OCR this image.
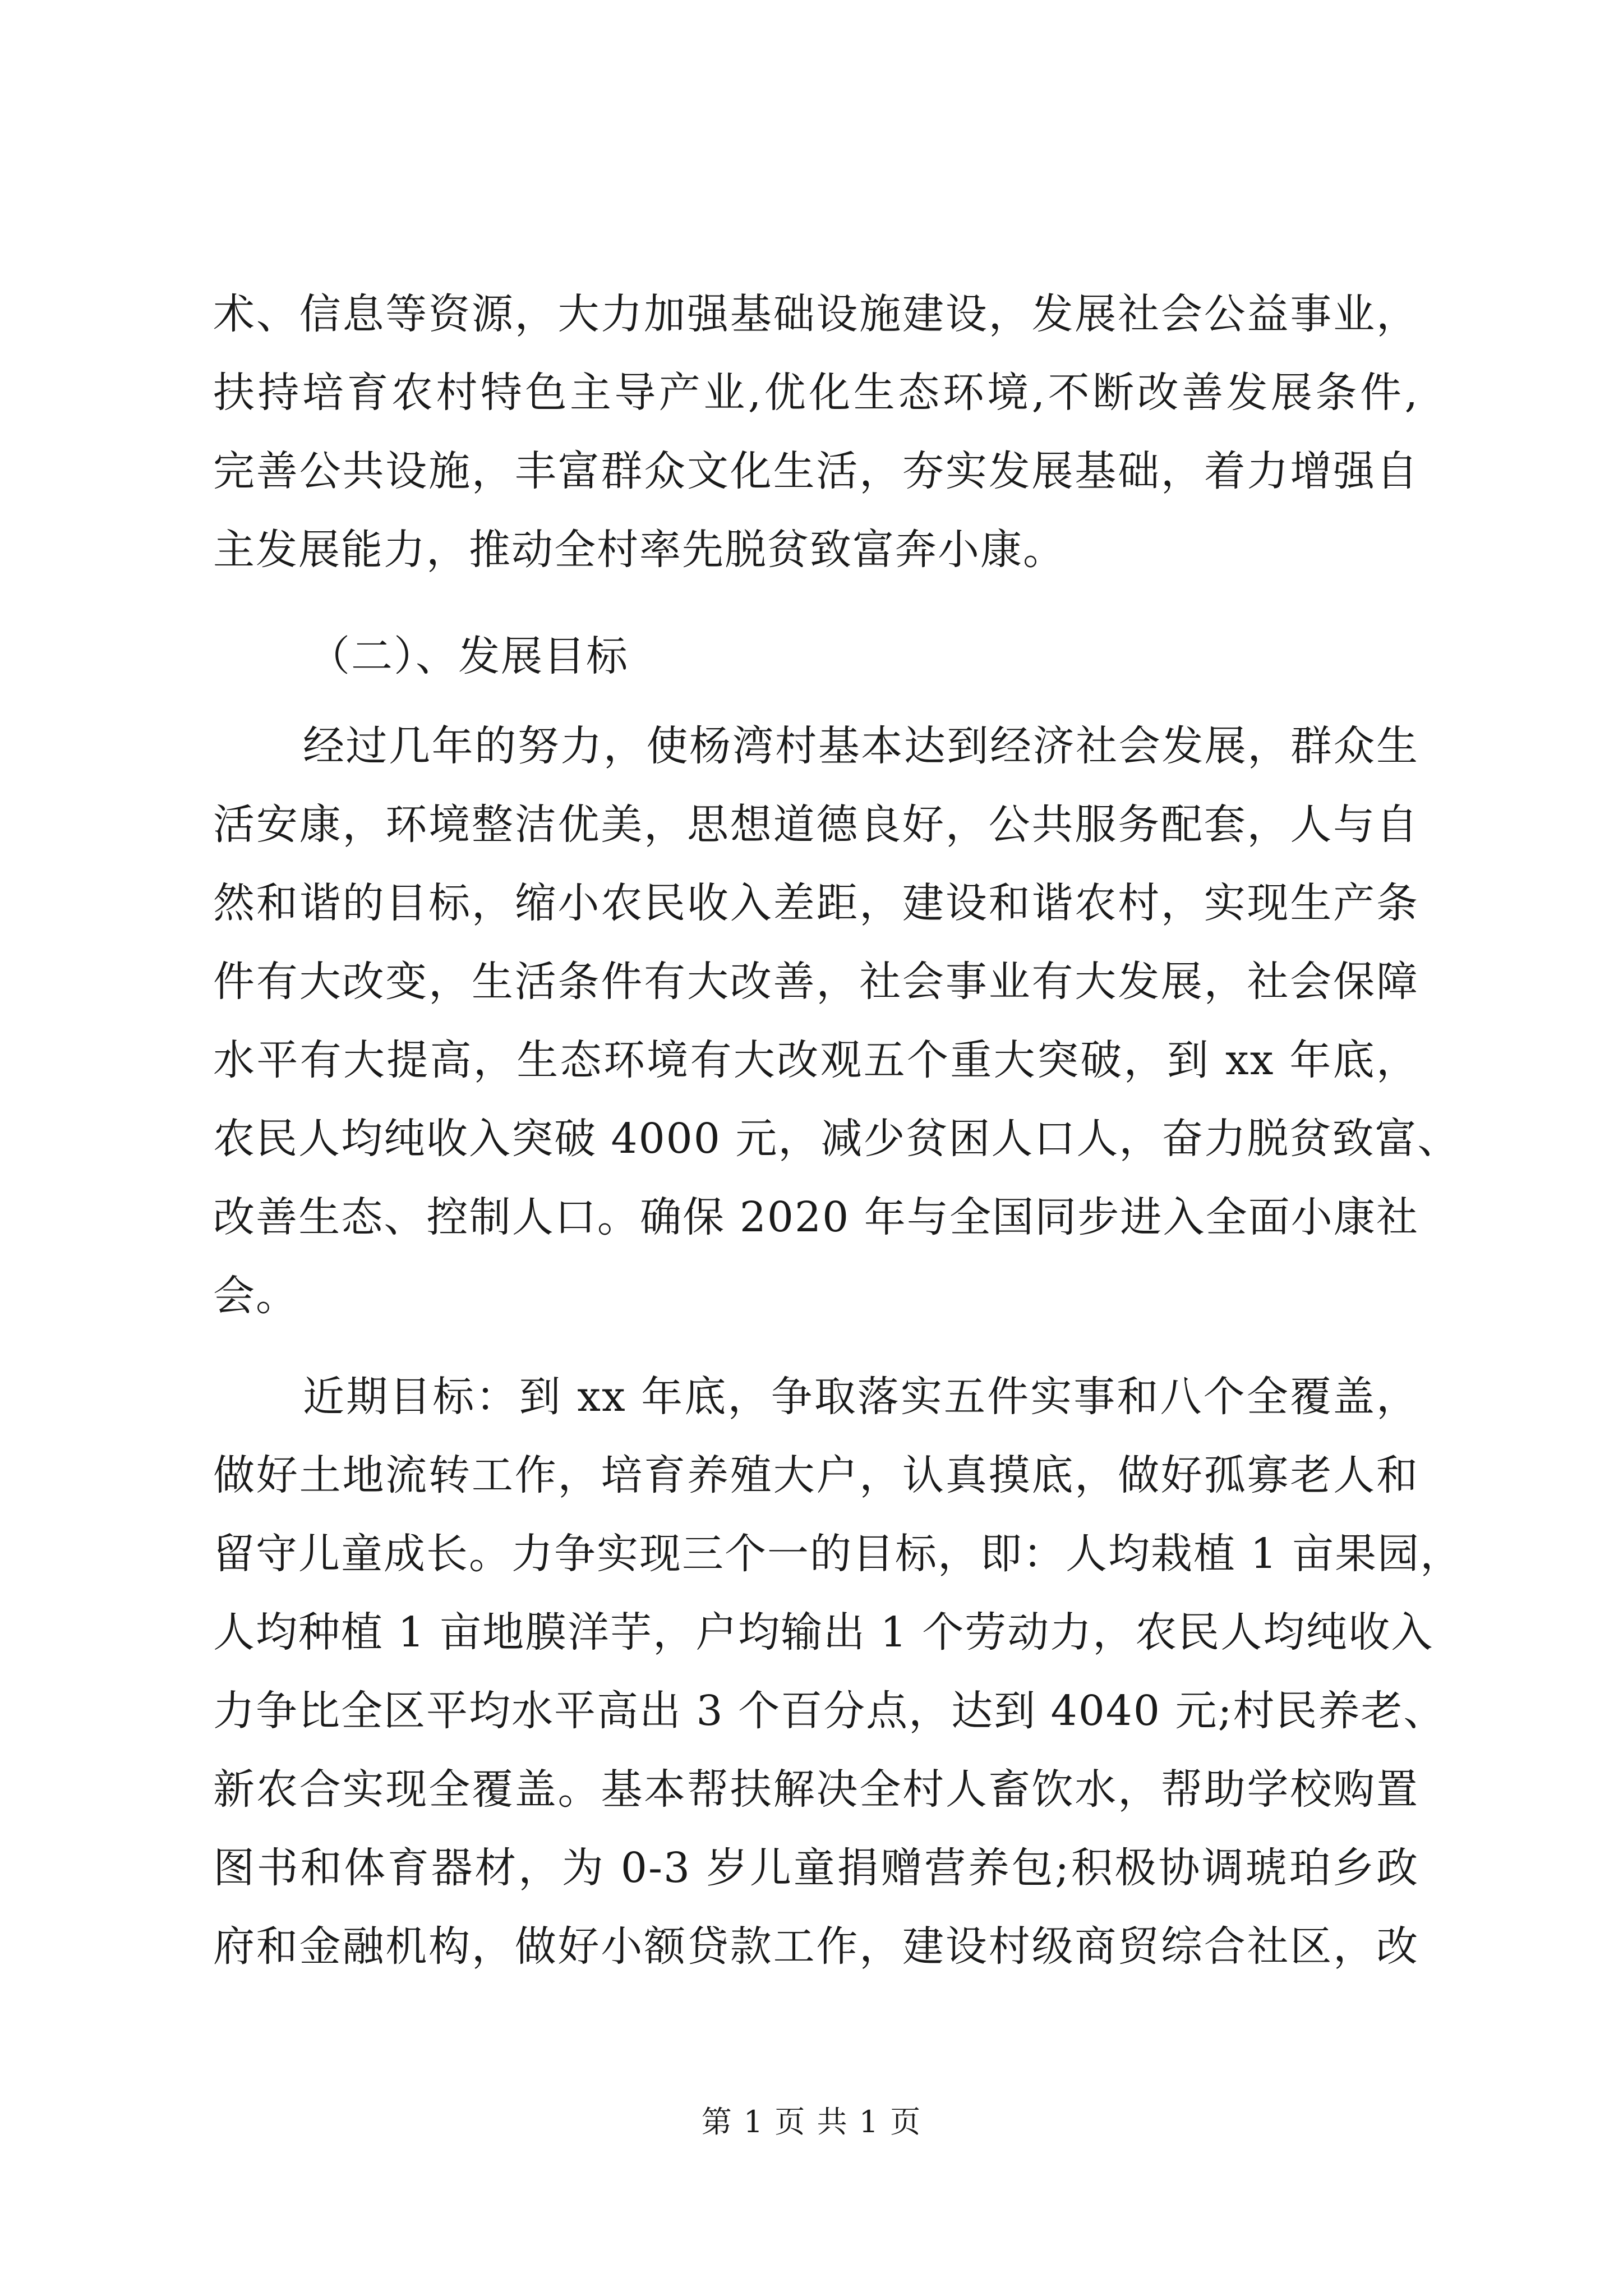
术、信息等资源，大力加强基础设施建设，发展社会公益事业，
扶持培育农村特色主导产业,优化生态环境,不断改善发展条件,
完善公共设施，丰富群众文化生活，夯实发展基础，着力增强自
主发展能力，推动全村率先脱贫致富奔小康。
（二）、发展目标
经过几年的努力，使杨湾村基本达到经济社会发展，群众生
活安康，环境整洁优美，思想道德良好，公共服务配套，人与自
然和谐的目标，缩小农民收入差距，建设和谐农村，实现生产条
件有大改变，生活条件有大改善，社会事业有大发展，社会保障
水平有大提高，生态环境有大改观五个重大突破，到 xx 年底，
农民人均纯收入突破 4000 元，减少贫困人口人，奋力脱贫致富、
改善生态、控制人口。确保 2020 年与全国同步进入全面小康社
会。
近期目标：到 xx 年底，争取落实五件实事和八个全覆盖，
做好土地流转工作，培育养殖大户，认真摸底，做好孤寡老人和
留守儿童成长。力争实现三个一的目标，即：人均栽植 1 亩果园，
人均种植 1 亩地膜洋芋，户均输出 1 个劳动力，农民人均纯收入
力争比全区平均水平高出 3 个百分点，达到 4040 元;村民养老、
新农合实现全覆盖。基本帮扶解决全村人畜饮水，帮助学校购置
图书和体育器材，为 0-3 岁儿童捐赠营养包;积极协调琥珀乡政
府和金融机构，做好小额贷款工作，建设村级商贸综合社区，改
第 1 页 共 1 页
